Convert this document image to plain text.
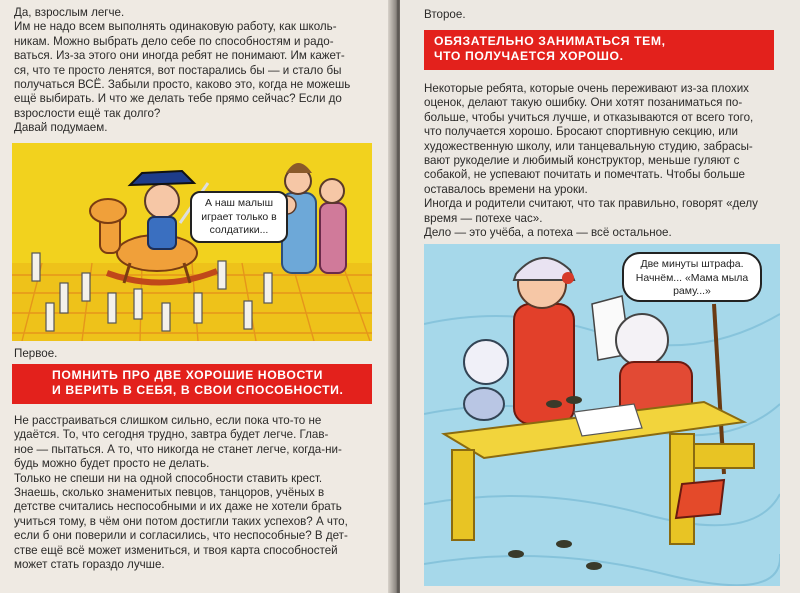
Да, взрослым легче.

Им не надо всем выполнять одинаковую работу, как школь-

никам. Можно выбрать дело себе по способностям и радо-

ваться. Из-за этого они иногда ребят не понимают. Им кажет-

ся, что те просто ленятся, вот постарались бы — и стало бы

получаться ВСЁ. Забыли просто, каково это, когда не можешь

ещё выбирать. И что же делать тебе прямо сейчас? Если до

взрослости ещё так долго?

Давай подумаем.

А наш малыш играет только в солдатики...
Первое.
ПОМНИТЬ ПРО ДВЕ ХОРОШИЕ НОВОСТИ
И ВЕРИТЬ В СЕБЯ, В СВОИ СПОСОБНОСТИ.

Не расстраиваться слишком сильно, если пока что-то не

удаётся. То, что сегодня трудно, завтра будет легче. Глав-

ное — пытаться. А то, что никогда не станет легче, когда-ни-

будь можно будет просто не делать.

Только не спеши ни на одной способности ставить крест.

Знаешь, сколько знаменитых певцов, танцоров, учёных в

детстве считались неспособными и их даже не хотели брать

учиться тому, в чём они потом достигли таких успехов? А что,

если б они поверили и согласились, что неспособные? В дет-

стве ещё всё может измениться, и твоя карта способностей

может стать гораздо лучше.

Второе.
ОБЯЗАТЕЛЬНО ЗАНИМАТЬСЯ ТЕМ,
ЧТО ПОЛУЧАЕТСЯ ХОРОШО.

Некоторые ребята, которые очень переживают из-за плохих

оценок, делают такую ошибку. Они хотят позаниматься по-

больше, чтобы учиться лучше, и отказываются от всего того,

что получается хорошо. Бросают спортивную секцию, или

художественную школу, или танцевальную студию, забрасы-

вают рукоделие и любимый конструктор, меньше гуляют с

собакой, не успевают почитать и помечтать. Чтобы больше

оставалось времени на уроки.

Иногда и родители считают, что так правильно, говорят «делу

время — потехе час».

Дело — это учёба, а потеха — всё остальное.

Две минуты штрафа. Начнём... «Мама мыла раму...»
